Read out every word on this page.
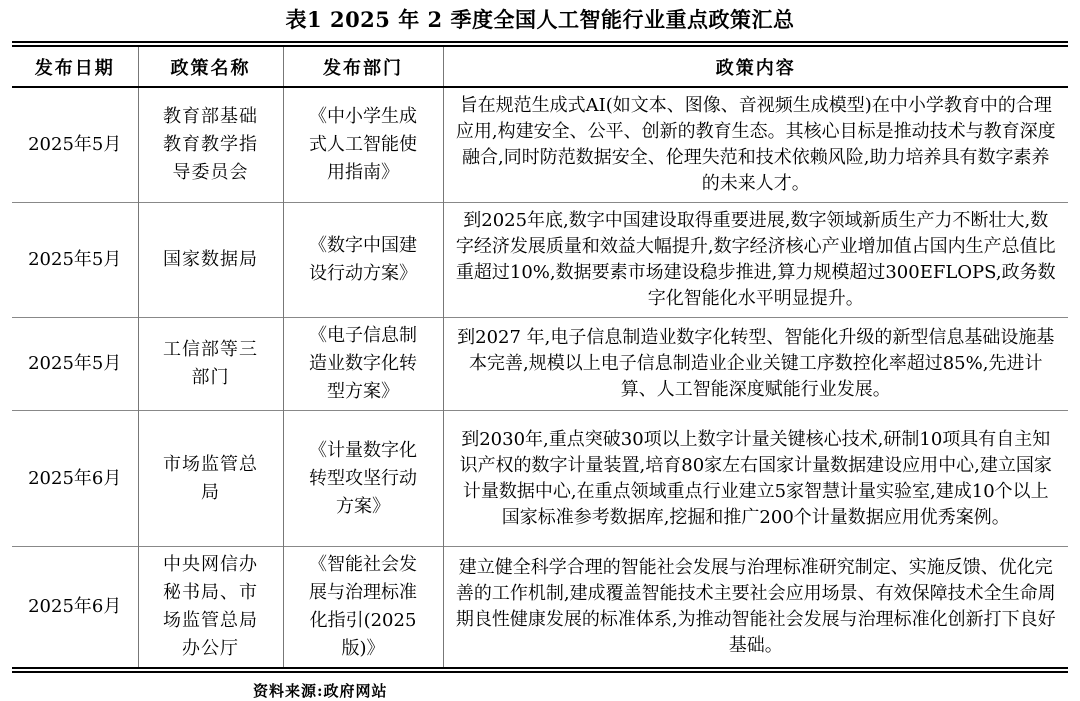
表1 2025 年 2 季度全国人工智能行业重点政策汇总
发布日期	政策名称	发布部门	政策内容
2025年5月	教育部基础教育教学指导委员会	《中小学生成式人工智能使用指南》	旨在规范生成式AI(如文本、图像、音视频生成模型)在中小学教育中的合理应用,构建安全、公平、创新的教育生态。其核心目标是推动技术与教育深度融合,同时防范数据安全、伦理失范和技术依赖风险,助力培养具有数字素养的未来人才。
2025年5月	国家数据局	《数字中国建设行动方案》	到2025年底,数字中国建设取得重要进展,数字领域新质生产力不断壮大,数字经济发展质量和效益大幅提升,数字经济核心产业增加值占国内生产总值比重超过10%,数据要素市场建设稳步推进,算力规模超过300EFLOPS,政务数字化智能化水平明显提升。
2025年5月	工信部等三部门	《电子信息制造业数字化转型方案》	到2027 年,电子信息制造业数字化转型、智能化升级的新型信息基础设施基本完善,规模以上电子信息制造业企业关键工序数控化率超过85%,先进计算、人工智能深度赋能行业发展。
2025年6月	市场监管总局	《计量数字化转型攻坚行动方案》	到2030年,重点突破30项以上数字计量关键核心技术,研制10项具有自主知识产权的数字计量装置,培育80家左右国家计量数据建设应用中心,建立国家计量数据中心,在重点领域重点行业建立5家智慧计量实验室,建成10个以上国家标准参考数据库,挖掘和推广200个计量数据应用优秀案例。
2025年6月	中央网信办秘书局、市场监管总局办公厅	《智能社会发展与治理标准化指引(2025版)》	建立健全科学合理的智能社会发展与治理标准研究制定、实施反馈、优化完善的工作机制,建成覆盖智能技术主要社会应用场景、有效保障技术全生命周期良性健康发展的标准体系,为推动智能社会发展与治理标准化创新打下良好基础。
资料来源:政府网站
